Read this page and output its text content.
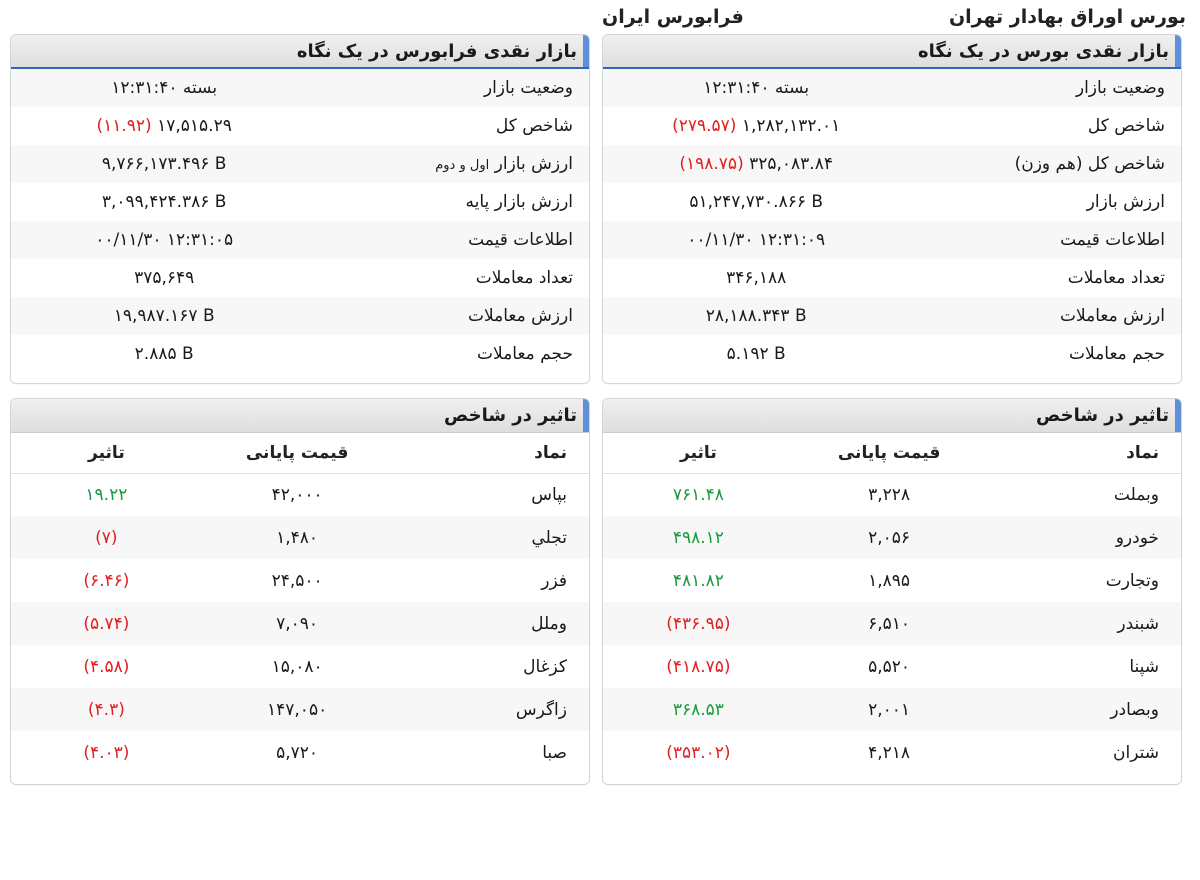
بورس اوراق بهادار تهران
فرابورس ایران
بازار نقدی فرابورس در یک نگاه
وضعیت بازار	بسته ۱۲:۳۱:۴۰
شاخص کل	(۱۱.۹۲) ۱۷,۵۱۵.۲۹
ارزش بازار اول و دوم	۹,۷۶۶,۱۷۳.۴۹۶ B
ارزش بازار پایه	۳,۰۹۹,۴۲۴.۳۸۶ B
اطلاعات قیمت	۰۰/۱۱/۳۰ ۱۲:۳۱:۰۵
تعداد معاملات	۳۷۵,۶۴۹
ارزش معاملات	۱۹,۹۸۷.۱۶۷ B
حجم معاملات	۲.۸۸۵ B
تاثیر در شاخص
نماد	قیمت پایانی	تاثیر
بپاس	۴۲,۰۰۰	۱۹.۲۲
تجلي	۱,۴۸۰	(۷)
فزر	۲۴,۵۰۰	(۶.۴۶)
وملل	۷,۰۹۰	(۵.۷۴)
کزغال	۱۵,۰۸۰	(۴.۵۸)
زاگرس	۱۴۷,۰۵۰	(۴.۳)
صبا	۵,۷۲۰	(۴.۰۳)
بازار نقدی بورس در یک نگاه
وضعیت بازار	بسته ۱۲:۳۱:۴۰
شاخص کل	(۲۷۹.۵۷) ۱,۲۸۲,۱۳۲.۰۱
شاخص کل (هم وزن)	(۱۹۸.۷۵) ۳۲۵,۰۸۳.۸۴
ارزش بازار	۵۱,۲۴۷,۷۳۰.۸۶۶ B
اطلاعات قیمت	۰۰/۱۱/۳۰ ۱۲:۳۱:۰۹
تعداد معاملات	۳۴۶,۱۸۸
ارزش معاملات	۲۸,۱۸۸.۳۴۳ B
حجم معاملات	۵.۱۹۲ B
تاثیر در شاخص
نماد	قیمت پایانی	تاثیر
وبملت	۳,۲۲۸	۷۶۱.۴۸
خودرو	۲,۰۵۶	۴۹۸.۱۲
وتجارت	۱,۸۹۵	۴۸۱.۸۲
شبندر	۶,۵۱۰	(۴۳۶.۹۵)
شپنا	۵,۵۲۰	(۴۱۸.۷۵)
وبصادر	۲,۰۰۱	۳۶۸.۵۳
شتران	۴,۲۱۸	(۳۵۳.۰۲)
